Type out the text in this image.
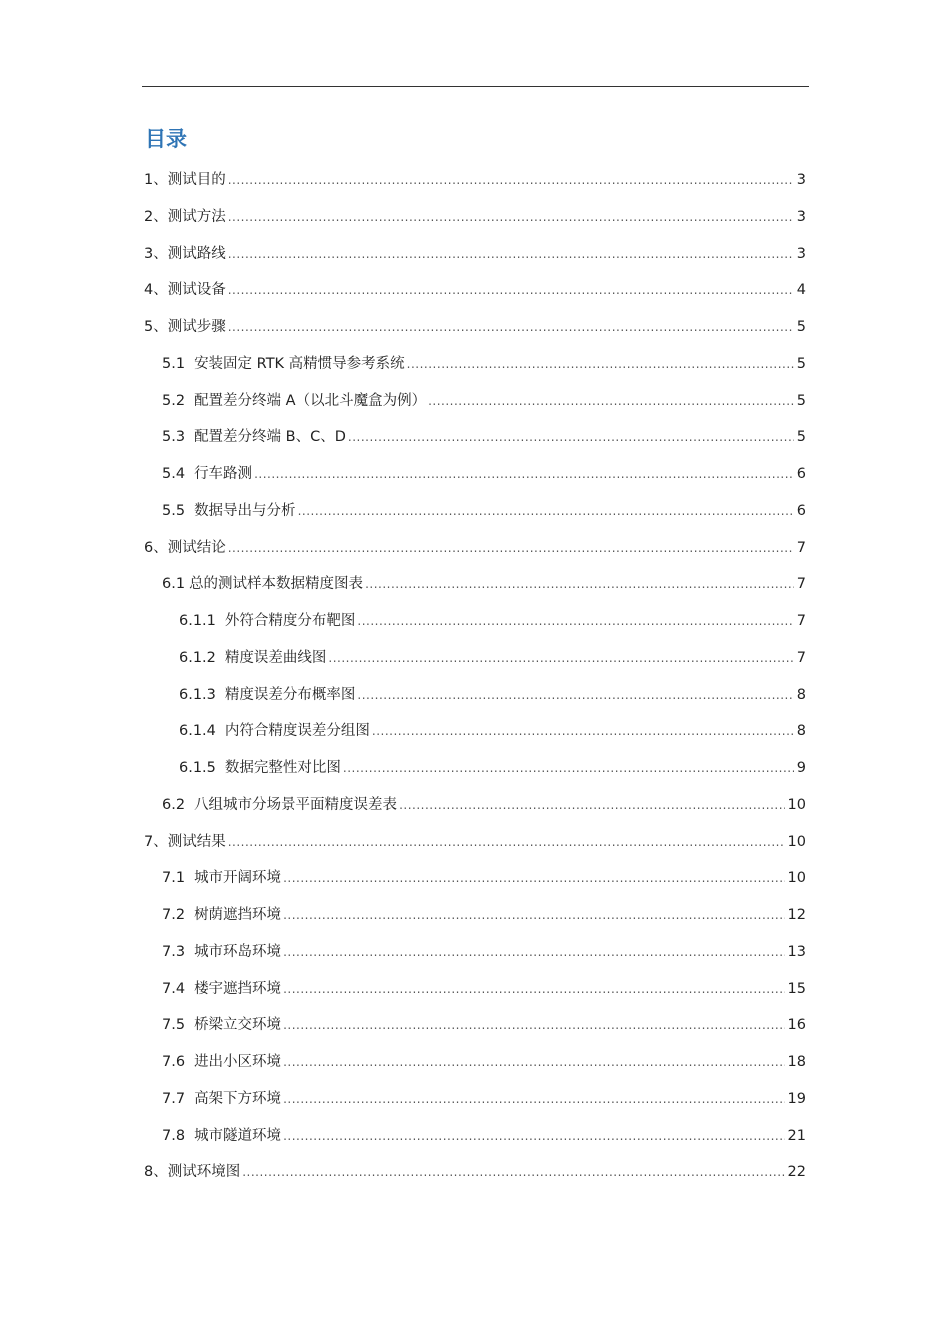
目录
1、 测试目的 .....	3
2、 测试方法 .....	3
3、 测试路线 .....	3
4、 测试设备 .....	4
5、 测试步骤 .....	5
5.1 安装固定 RTK 高精惯导参考系统 .....	5
5.2 配置差分终端 A（以北斗魔盒为例） .....	5
5.3 配置差分终端 B、C、D .....	5
5.4 行车路测 .....	6
5.5 数据导出与分析 .....	6
6、 测试结论 .....	7
6.1 总的测试样本数据精度图表 .....	7
6.1.1 外符合精度分布靶图 .....	7
6.1.2 精度误差曲线图 .....	7
6.1.3 精度误差分布概率图 .....	8
6.1.4 内符合精度误差分组图 .....	8
6.1.5 数据完整性对比图 .....	9
6.2 八组城市分场景平面精度误差表 .....	10
7、 测试结果 .....	10
7.1 城市开阔环境 .....	10
7.2 树荫遮挡环境 .....	12
7.3 城市环岛环境 .....	13
7.4 楼宇遮挡环境 .....	15
7.5 桥梁立交环境 .....	16
7.6 进出小区环境 .....	18
7.7 高架下方环境 .....	19
7.8 城市隧道环境 .....	21
8、 测试环境图 .....	22
